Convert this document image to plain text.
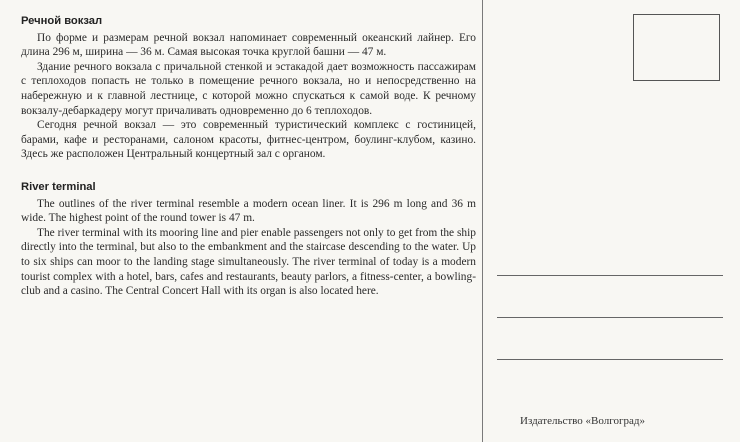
Речной вокзал

По форме и размерам речной вокзал напоминает современный океанский лайнер. Его длина 296 м, ширина — 36 м. Самая высокая точка круглой башни — 47 м.

Здание речного вокзала с причальной стенкой и эстакадой дает возможность пассажирам с теплоходов попасть не только в помещение речного вокзала, но и непосредственно на набережную и к главной лестнице, с которой можно спускаться к самой воде. К речному вокзалу-дебаркадеру могут причаливать одновременно до 6 теплоходов.

Сегодня речной вокзал — это современный туристический комплекс с гостиницей, барами, кафе и ресторанами, салоном красоты, фитнес-центром, боулинг-клубом, казино. Здесь же расположен Центральный концертный зал с органом.

River terminal

The outlines of the river terminal resemble a modern ocean liner. It is 296 m long and 36 m wide. The highest point of the round tower is 47 m.

The river terminal with its mooring line and pier enable passengers not only to get from the ship directly into the terminal, but also to the embankment and the staircase descending to the water. Up to six ships can moor to the landing stage simultaneously. The river terminal of today is a modern tourist complex with a hotel, bars, cafes and restaurants, beauty parlors, a fitness-center, a bowling-club and a casino. The Central Concert Hall with its organ is also located here.

Издательство «Волгоград»
